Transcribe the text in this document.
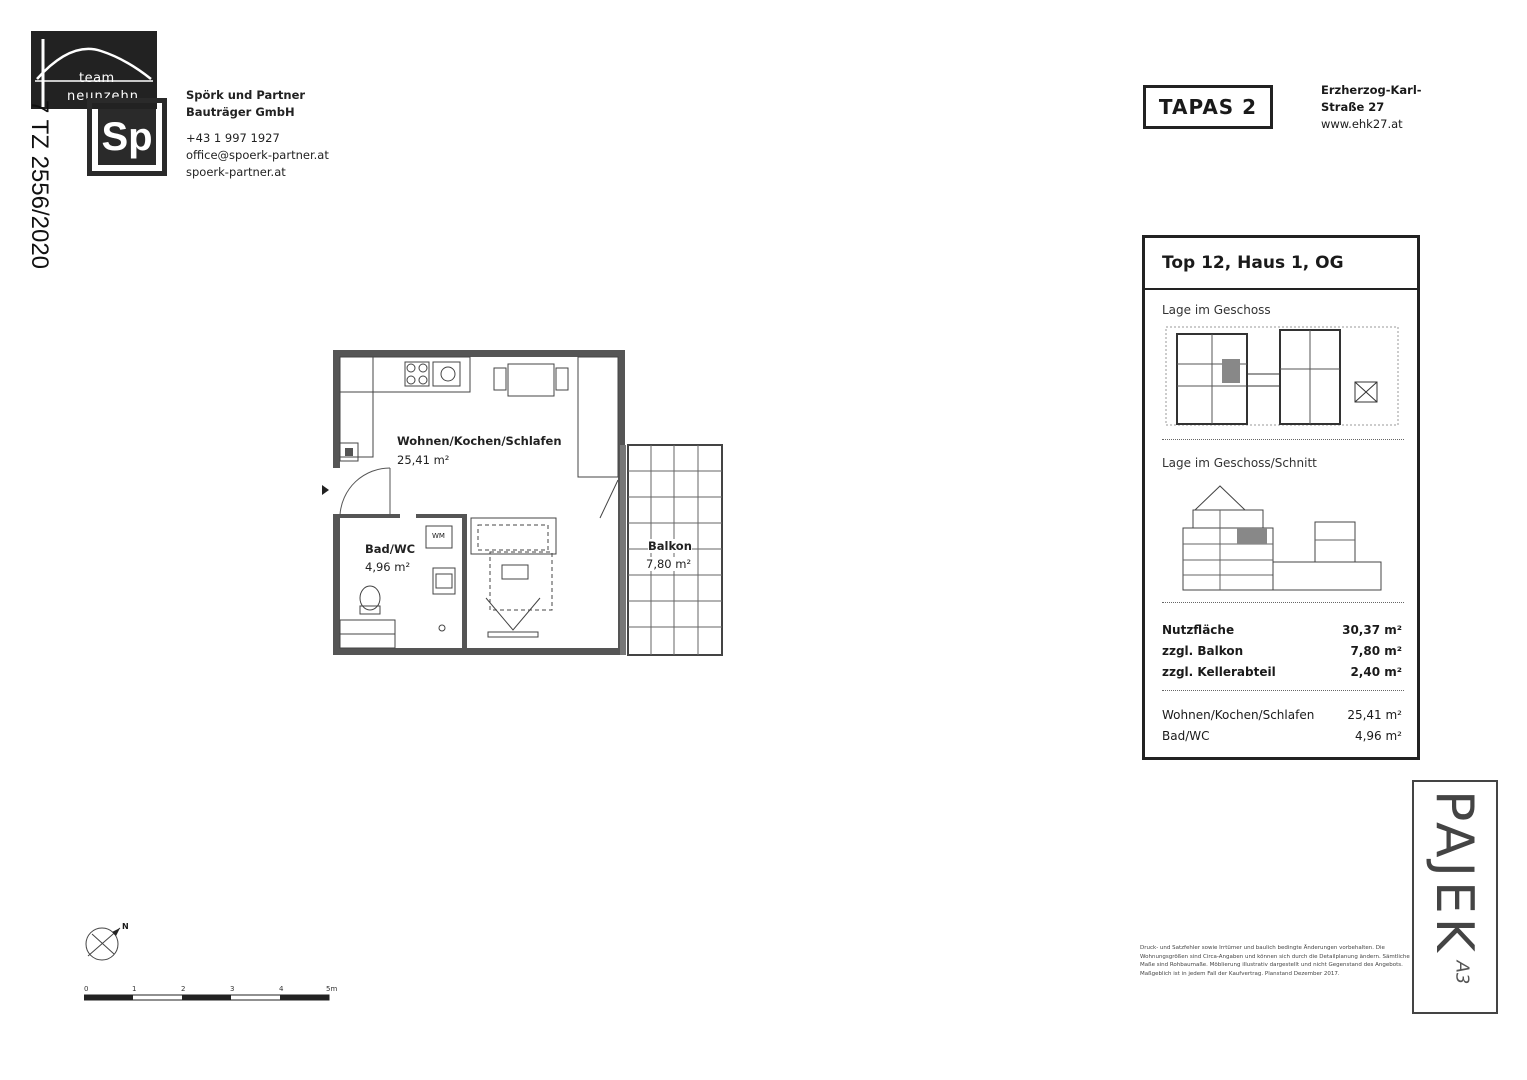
team
neunzehn
7 TZ 2556/2020 Sp
Spörk und Partner
Bauträger GmbH
+43 1 997 1927
office@spoerk-partner.at
spoerk-partner.at
TAPAS 2
Erzherzog-Karl-
Straße 27
www.ehk27.at
Top 12, Haus 1, OG
Lage im Geschoss
Lage im Geschoss/Schnitt
Nutzfläche	30,37 m²
zzgl. Balkon	7,80 m²
zzgl. Kellerabteil	2,40 m²
Wohnen/Kochen/Schlafen	25,41 m²
Bad/WC	4,96 m²
Druck- und Satzfehler sowie Irrtümer und baulich bedingte Änderungen vorbehalten. Die Wohnungsgrößen sind Circa-Angaben und können sich durch die Detailplanung ändern. Sämtliche Maße sind Rohbaumaße. Möblierung illustrativ dargestellt und nicht Gegenstand des Angebots. Maßgeblich ist in jedem Fall der Kaufvertrag. Planstand Dezember 2017.
PAJEK
A3
Wohnen/Kochen/Schlafen
25,41 m²
Bad/WC
4,96 m²
Balkon
7,80 m²
WM
N
0	1	2	3	4	5m
